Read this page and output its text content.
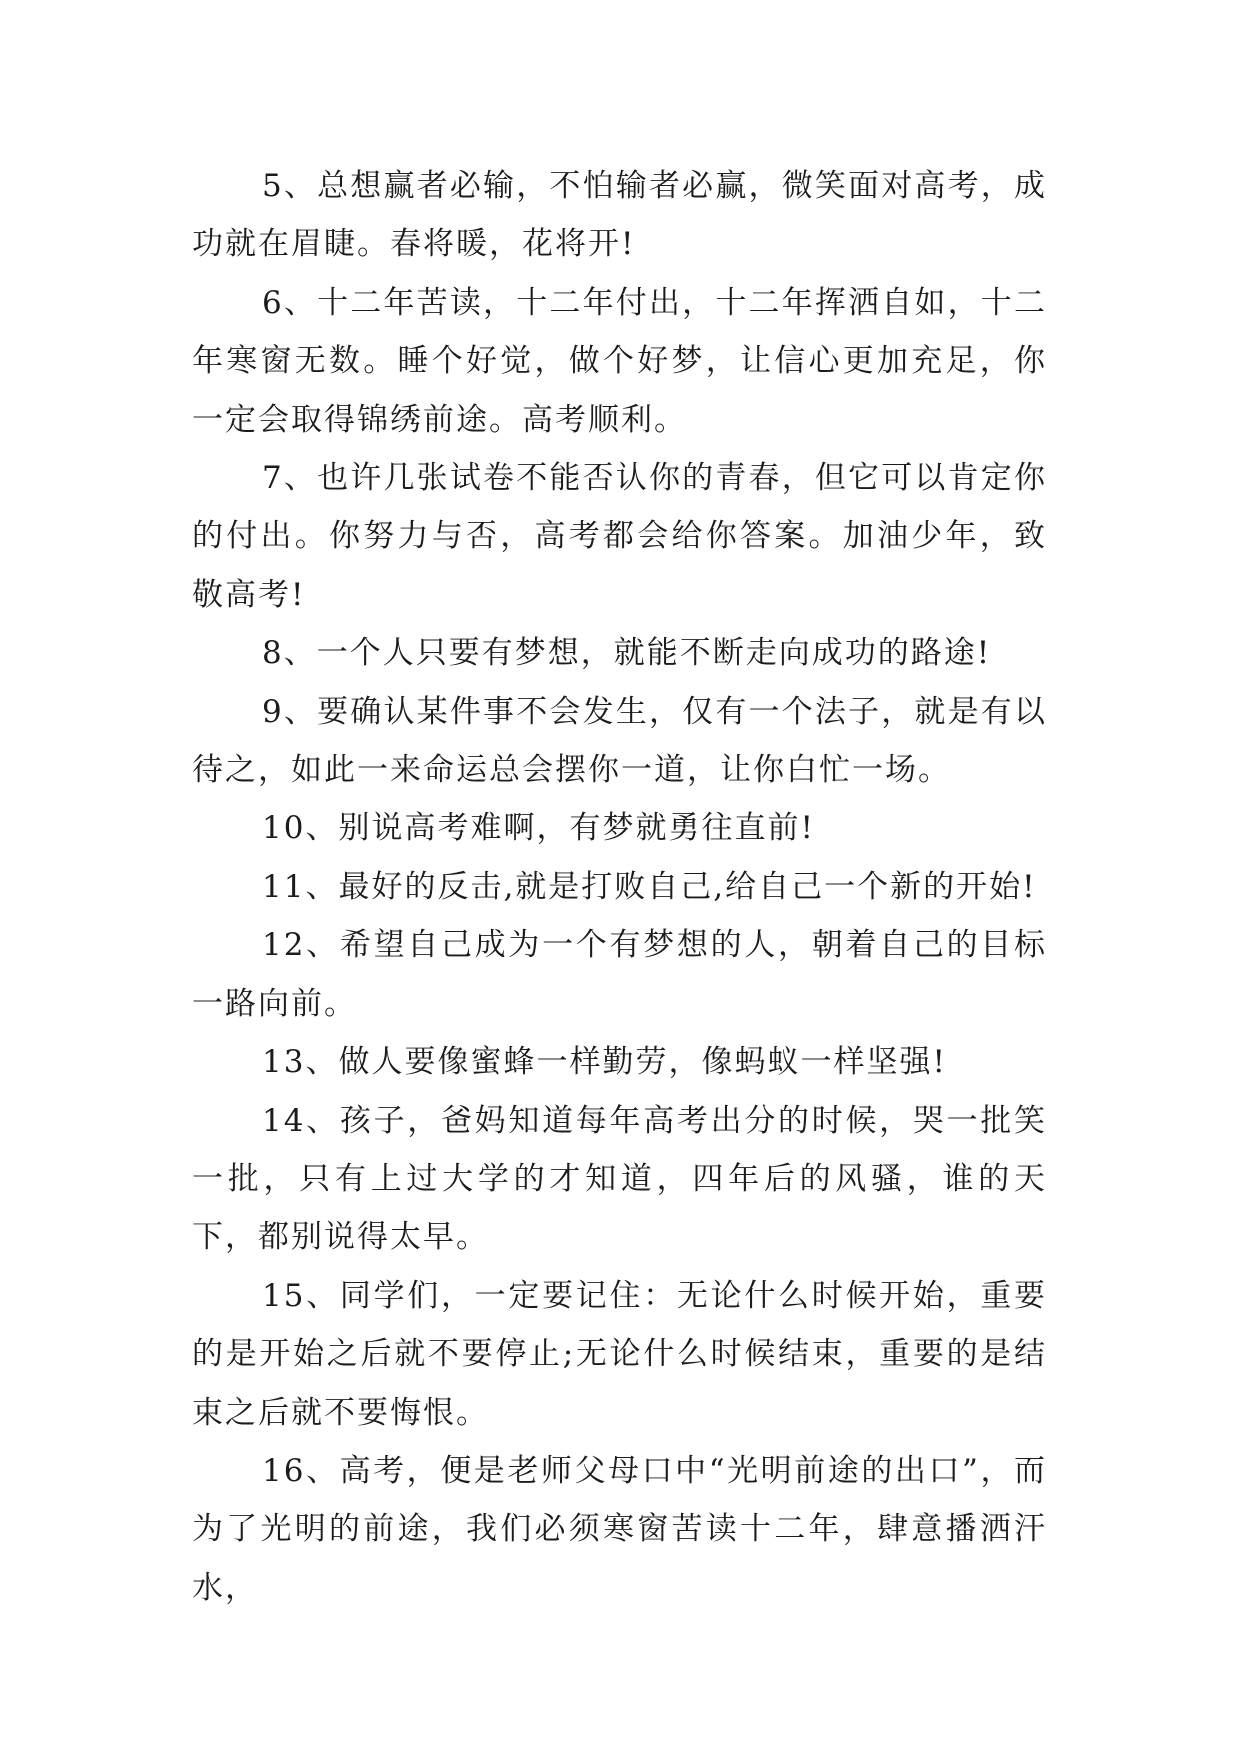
5、总想赢者必输，不怕输者必赢，微笑面对高考，成功就在眉睫。春将暖，花将开!

6、十二年苦读，十二年付出，十二年挥洒自如，十二年寒窗无数。睡个好觉，做个好梦，让信心更加充足，你一定会取得锦绣前途。高考顺利。

7、也许几张试卷不能否认你的青春，但它可以肯定你的付出。你努力与否，高考都会给你答案。加油少年，致敬高考!

8、一个人只要有梦想，就能不断走向成功的路途!

9、要确认某件事不会发生，仅有一个法子，就是有以待之，如此一来命运总会摆你一道，让你白忙一场。

10、别说高考难啊，有梦就勇往直前!

11、最好的反击,就是打败自己,给自己一个新的开始!

12、希望自己成为一个有梦想的人，朝着自己的目标一路向前。

13、做人要像蜜蜂一样勤劳，像蚂蚁一样坚强!

14、孩子，爸妈知道每年高考出分的时候，哭一批笑一批，只有上过大学的才知道，四年后的风骚，谁的天下，都别说得太早。

15、同学们，一定要记住：无论什么时候开始，重要的是开始之后就不要停止;无论什么时候结束，重要的是结束之后就不要悔恨。

16、高考，便是老师父母口中“光明前途的出口”，而为了光明的前途，我们必须寒窗苦读十二年，肆意播洒汗水，
